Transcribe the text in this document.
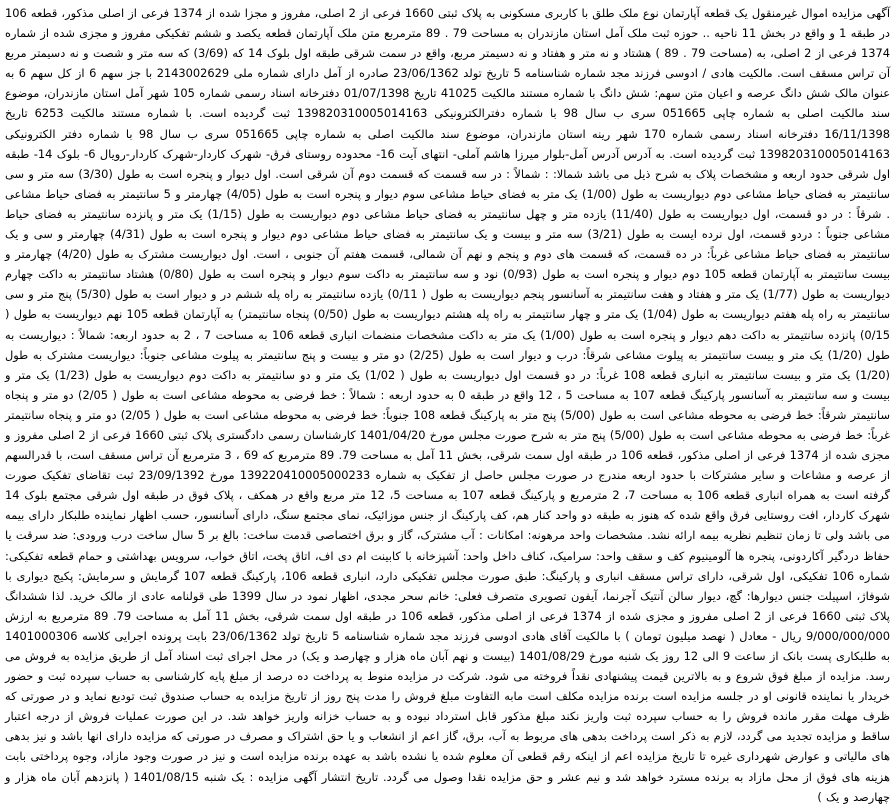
آگهی مزایده اموال غیرمنقول یک قطعه آپارتمان نوع ملک طلق با کاربری مسکونی به پلاک ثبتی 1660 فرعی از 2 اصلی، مفروز و مجزا شده از 1374 فرعی از اصلی مذکور، قطعه 106 در طبقه 1 و واقع در بخش 11 ناحیه .. حوزه ثبت ملک آمل استان مازندران به مساحت 79 . 89 مترمربع متن ملک آپارتمان قطعه یکصد و ششم تفکیکی مفروز و مجزی شده از شماره 1374 فرعی از 2 اصلی، به (مساحت 79 . 89 ) هشتاد و نه متر و هفتاد و نه دسیمتر مربع، واقع در سمت شرقی طبقه اول بلوک 14 که (3/69) که سه متر و شصت و نه دسیمتر مربع آن تراس مسقف است. مالکیت هادی / ادوسی فرزند مجد شماره شناسنامه 5 تاریخ تولد 23/06/1362 صادره از آمل دارای شماره ملی 2143002629 با جز سهم 6 از کل سهم 6 به عنوان مالک شش دانگ عرصه و اعیان متن سهم: شش دانگ با شماره مستند مالکیت 41025 تاریخ 01/07/1398 دفترخانه اسناد رسمی شماره 105 شهر آمل استان مازندران، موضوع سند مالکیت اصلی به شماره چاپی 051665 سری ب سال 98 با شماره دفترالکترونیکی 139820310005014163 ثبت گردیده است. با شماره مستند مالکیت 6253 تاریخ 16/11/1398 دفترخانه اسناد رسمی شماره 170 شهر رینه استان مازندران، موضوع سند مالکیت اصلی به شماره چاپی 051665 سری ب سال 98 با شماره دفتر الکترونیکی 139820310005014163 ثبت گردیده است. به آدرس آدرس آمل-بلوار میرزا هاشم آملی- انتهای آیت 16- محدوده روستای فرق- شهرک کاردار-شهرک کاردار-رویال 6- بلوک 14- طبقه اول شرقی حدود اربعه و مشخصات پلاک به شرح ذیل می باشد شمالا: : شمالاً : در سه قسمت که قسمت دوم آن شرقی است. اول دیوار و پنجره است به طول (3/30) سه متر و سی سانتیمتر به فضای حیاط مشاعی دوم دیواریست به طول (1/00) یک متر به فضای حیاط مشاعی سوم دیوار و پنجره است به طول (4/05) چهارمتر و 5 سانتیمتر به فضای حیاط مشاعی . شرقاً : در دو قسمت، اول دیواریست به طول (11/40) یازده متر و چهل سانتیمتر به فضای حیاط مشاعی دوم دیواریست به طول (1/15) یک متر و پانزده سانتیمتر به فضای حیاط مشاعی جنوباً : دردو قسمت، اول نرده ایست به طول (3/21) سه متر و بیست و یک سانتیمتر به فضای حیاط مشاعی دوم دیوار و پنجره است به طول (4/31) چهارمتر و سی و یک سانتیمتر به فضای حیاط مشاعی غرباً: در ده قسمت، که قسمت های دوم و پنجم و نهم آن شمالی، قسمت هفتم آن جنوبی ، است. اول دیواریست مشترک به طول (4/20) چهارمتر و بیست سانتیمتر به آپارتمان قطعه 105 دوم دیوار و پنجره است به طول (0/93) نود و سه سانتیمتر به داکت سوم دیوار و پنجره است به طول (0/80) هشتاد سانتیمتر به داکت چهارم دیواریست به طول (1/77) یک متر و هفتاد و هفت سانتیمتر به آسانسور پنجم دیواریست به طول ( 0/11) یازده سانتیمتر به راه پله ششم در و دیوار است به طول (5/30) پنج متر و سی سانتیمتر به راه پله هفتم دیواریست به طول (1/04) یک متر و چهار سانتیمتر به راه پله هشتم دیواریست به طول (0/50) پنجاه سانتیمتر) به آپارتمان قطعه 105 نهم دیواریست به طول ( 0/15) پانزده سانتیمتر به داکت دهم دیوار و پنجره است به طول (1/00) یک متر به داکت مشخصات منضمات انباری قطعه 106 به مساحت 7 ، 2 به حدود اربعه: شمالاً : دیواریست به طول (1/20) یک متر و بیست سانتیمتر به پیلوت مشاعی شرقاً: درب و دیوار است به طول (2/25) دو متر و بیست و پنج سانتیمتر به پیلوت مشاعی جنوباً: دیواریست مشترک به طول (1/20) یک متر و بیست سانتیمتر به انباری قطعه 108 غرباً: در دو قسمت اول دیواریست به طول ( 1/02) یک متر و دو سانتیمتر به داکت دوم دیواریست به طول (1/23) یک متر و بیست و سه سانتیمتر به آسانسور پارکینگ قطعه 107 به مساحت 5 ، 12 واقع در طبقه 0 به حدود اربعه : شمالاً : خط فرضی به محوطه مشاعی است به طول ( 2/05) دو متر و پنجاه سانتیمتر شرقاً: خط فرضی به محوطه مشاعی است به طول (5/00) پنج متر به پارکینگ قطعه 108 جنوباً: خط فرضی به محوطه مشاعی است به طول ( 2/05) دو متر و پنجاه سانتیمتر غرباً: خط فرضی به محوطه مشاعی است به طول (5/00) پنج متر به شرح صورت مجلس مورخ 1401/04/20 کارشناسان رسمی دادگستری پلاک ثبتی 1660 فرعی از 2 اصلی مفروز و مجزی شده از 1374 فرعی از اصلی مذکور، قطعه 106 در طبقه اول سمت شرقی، بخش 11 آمل به مساحت 79. 89 مترمربع که 69 ، 3 مترمربع آن تراس مسقف است، با قدرالسهم از عرصه و مشاعات و سایر مشترکات با حدود اربعه مندرج در صورت مجلس حاصل از تفکیک به شماره 139220410005000233 مورخ 23/09/1392 ثبت تقاضای تفکیک صورت گرفته است به همراه انباری قطعه 106 به مساحت 7، 2 مترمربع و پارکینگ قطعه 107 به مساحت 5، 12 متر مربع واقع در همکف ، پلاک فوق در طبقه اول شرقی مجتمع بلوک 14 شهرک کاردار، افت روستایی فرق واقع شده که هنوز به طبقه دو واحد کنار هم، کف پارکینگ از جنس موزائیک، نمای مجتمع سنگ، دارای آسانسور، حسب اظهار نماینده طلبکار دارای بیمه می باشد ولی تا زمان تنظیم نظریه بیمه ارائه نشد. مشخصات واحد مرهونه: امکانات : آب مشترک، گاز و برق اختصاصی قدمت ساخت: بالغ بر 5 سال ساخت درب ورودی: ضد سرقت یا حفاظ دردگیر آکاردونی، پنجره ها آلومینیوم کف و سقف واحد: سرامیک، کناف داخل واحد: آشپزخانه با کابینت ام دی اف، اتاق پخت، اتاق خواب، سرویس بهداشتی و حمام قطعه تفکیکی: شماره 106 تفکیکی، اول شرقی، دارای تراس مسقف انباری و پارکینگ: طبق صورت مجلس تفکیکی دارد، انباری قطعه 106، پارکینگ قطعه 107 گرمایش و سرمایش: پکیج دیواری با شوفاژ، اسپیلت جنس دیوارها: گچ، دیوار سالن آنتیک آجرنما، آیفون تصویری متصرف فعلی: خانم سحر مجدی، اظهار نمود در سال 1399 طی قولنامه عادی از مالک خرید. لذا ششدانگ پلاک ثبتی 1660 فرعی از 2 اصلی مفروز و مجزی شده از 1374 فرعی از اصلی مذکور، قطعه 106 در طبقه اول سمت شرقی، بخش 11 آمل به مساحت 79. 89 مترمربع به ارزش 9/000/000/000 ریال - معادل ( نهصد میلیون تومان ) با مالکیت آقای هادی ادوسی فرزند مجد شماره شناسنامه 5 تاریخ تولد 23/06/1362 بابت پرونده اجرایی کلاسه 1401000306 به طلبکاری پست بانک از ساعت 9 الی 12 روز یک شنبه مورخ 1401/08/29 (بیست و نهم آبان ماه هزار و چهارصد و یک) در محل اجرای ثبت اسناد آمل از طریق مزایده به فروش می رسد. مزایده از مبلغ فوق شروع و به بالاترین قیمت پیشنهادی نقداً فروخته می شود. شرکت در مزایده منوط به پرداخت ده درصد از مبلغ پایه کارشناسی به حساب سپرده ثبت و حضور خریدار یا نماینده قانونی او در جلسه مزایده است برنده مزایده مکلف است مابه التفاوت مبلغ فروش را مدت پنج روز از تاریخ مزایده به حساب صندوق ثبت تودیع نماید و در صورتی که ظرف مهلت مقرر مانده فروش را به حساب سپرده ثبت واریز نکند مبلغ مذکور قابل استرداد نبوده و به حساب خزانه واریز خواهد شد. در این صورت عملیات فروش از درجه اعتبار ساقط و مزایده تجدید می گردد، لازم به ذکر است پرداخت بدهی های مربوط به آب، برق، گاز اعم از انشعاب و یا حق اشتراک و مصرف در صورتی که مزایده دارای انها باشد و نیز بدهی های مالیاتی و عوارض شهرداری غیره تا تاریخ مزایده اعم از اینکه رقم قطعی آن معلوم شده یا نشده باشد به عهده برنده مزایده است و نیز در صورت وجود مازاد، وجوه پرداختی بابت هزینه های فوق از محل مازاد به برنده مسترد خواهد شد و نیم عشر و حق مزایده نقدا وصول می گردد. تاریخ انتشار آگهی مزایده : یک شنبه 1401/08/15 ( پانزدهم آبان ماه هزار و چهارصد و یک )
